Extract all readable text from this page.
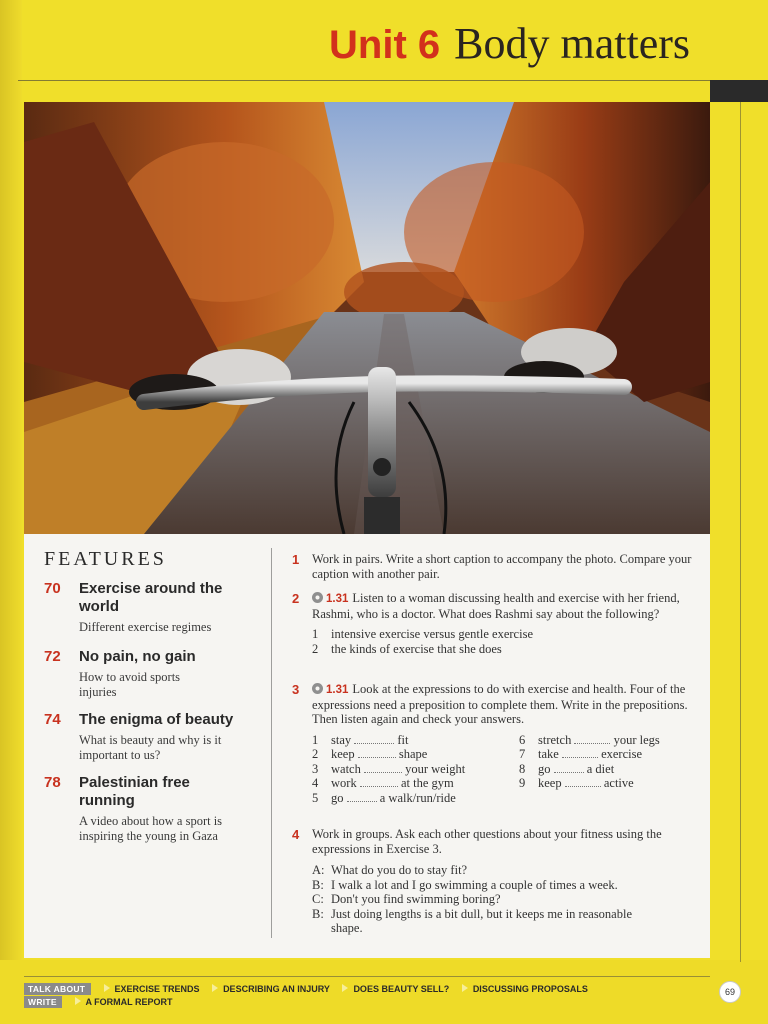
Unit 6 Body matters
FEATURES
70 Exercise around the world
Different exercise regimes
72 No pain, no gain
How to avoid sports injuries
74 The enigma of beauty
What is beauty and why is it important to us?
78 Palestinian free running
A video about how a sport is inspiring the young in Gaza
1 Work in pairs. Write a short caption to accompany the photo. Compare your caption with another pair.
2	1.31 Listen to a woman discussing health and exercise with her friend, Rashmi, who is a doctor. What does Rashmi say about the following?
1 intensive exercise versus gentle exercise
2 the kinds of exercise that she does
3	1.31 Look at the expressions to do with exercise and health. Four of the expressions need a preposition to complete them. Write in the prepositions. Then listen again and check your answers.
1 stay	fit
2 keep	shape
3 watch	your weight
4 work	at the gym
5 go	a walk/run/ride
6 stretch	your legs
7 take	exercise
8 go	a diet
9 keep	active
4 Work in groups. Ask each other questions about your fitness using the expressions in Exercise 3.
A: What do you do to stay fit?
B: I walk a lot and I go swimming a couple of times a week.
C: Don't you find swimming boring?
B: Just doing lengths is a bit dull, but it keeps me in reasonable shape.
TALK ABOUT	EXERCISE TRENDS	DESCRIBING AN INJURY	DOES BEAUTY SELL?	DISCUSSING PROPOSALS
WRITE	A FORMAL REPORT
69
